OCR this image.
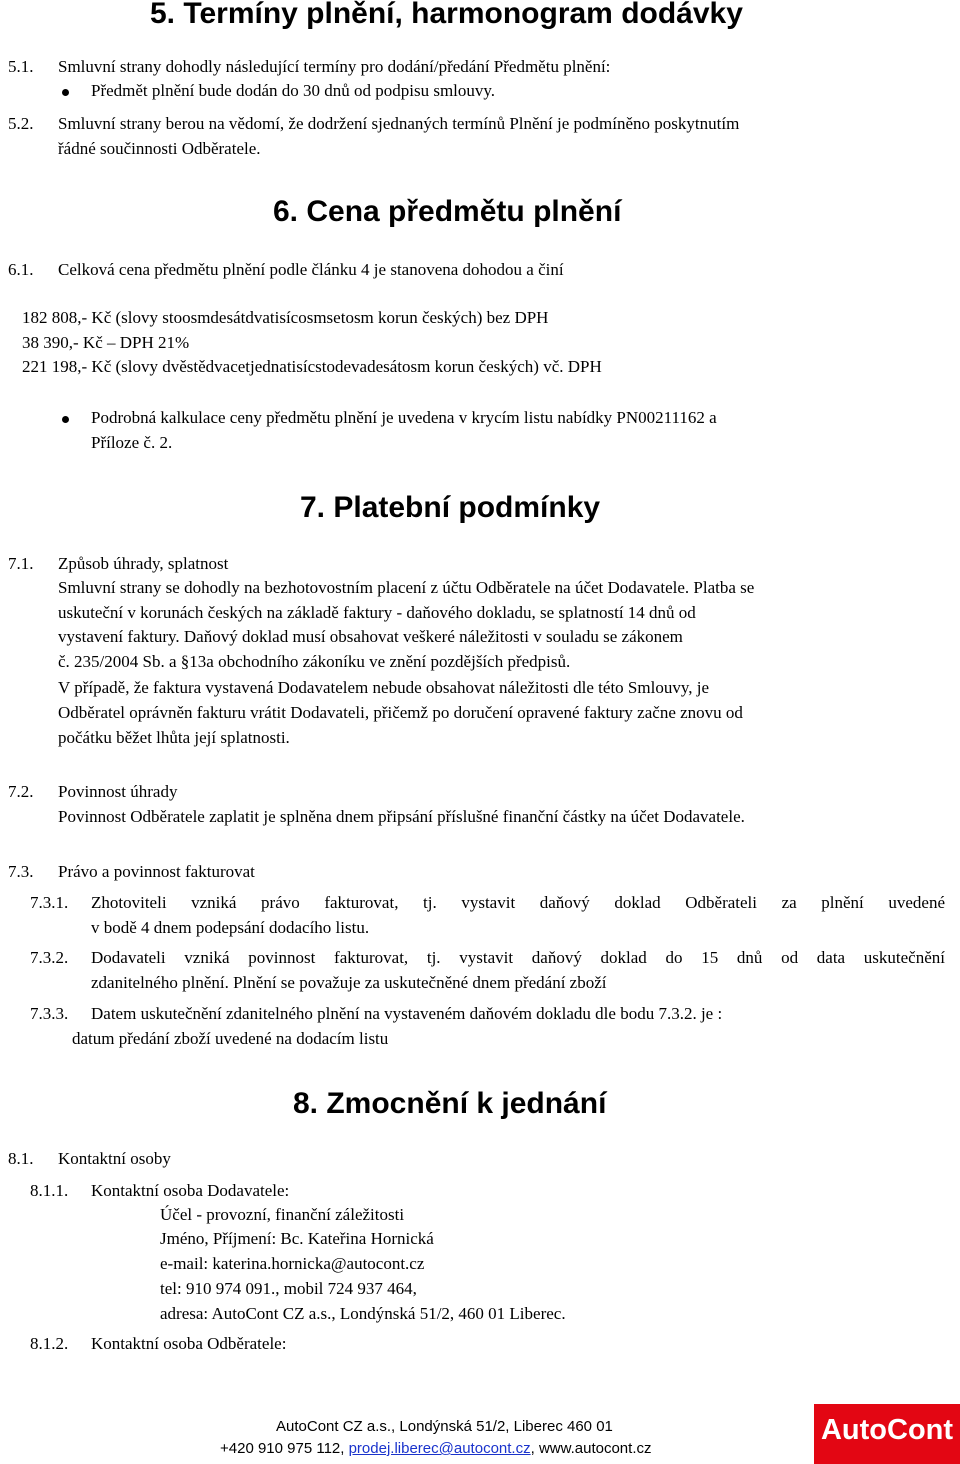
5. Termíny plnění, harmonogram dodávky
5.1. Smluvní strany dohodly následující termíny pro dodání/předání Předmětu plnění:
Předmět plnění bude dodán do 30 dnů od podpisu smlouvy.
5.2. Smluvní strany berou na vědomí, že dodržení sjednaných termínů Plnění je podmíněno poskytnutím
řádné součinnosti Odběratele.
6. Cena předmětu plnění
6.1. Celková cena předmětu plnění podle článku 4 je stanovena dohodou a činí
182 808,- Kč (slovy stoosmdesátdvatisícosmsetosm korun českých) bez DPH
38 390,- Kč – DPH 21%
221 198,- Kč (slovy dvěstědvacetjednatisícstodevadesátosm korun českých) vč. DPH
Podrobná kalkulace ceny předmětu plnění je uvedena v krycím listu nabídky PN00211162 a
Příloze č. 2.
7. Platební podmínky
7.1. Způsob úhrady, splatnost
Smluvní strany se dohodly na bezhotovostním placení z účtu Odběratele na účet Dodavatele. Platba se
uskuteční v korunách českých na základě faktury - daňového dokladu, se splatností 14 dnů od
vystavení faktury. Daňový doklad musí obsahovat veškeré náležitosti v souladu se zákonem
č. 235/2004 Sb. a §13a obchodního zákoníku ve znění pozdějších předpisů.
V případě, že faktura vystavená Dodavatelem nebude obsahovat náležitosti dle této Smlouvy, je
Odběratel oprávněn fakturu vrátit Dodavateli, přičemž po doručení opravené faktury začne znovu od
počátku běžet lhůta její splatnosti.
7.2. Povinnost úhrady
Povinnost Odběratele zaplatit je splněna dnem připsání příslušné finanční částky na účet Dodavatele.
7.3. Právo a povinnost fakturovat
7.3.1. Zhotoviteli vzniká právo fakturovat, tj. vystavit daňový doklad Odběrateli za plnění uvedené
v bodě 4 dnem podepsání dodacího listu.
7.3.2. Dodavateli vzniká povinnost fakturovat, tj. vystavit daňový doklad do 15 dnů od data uskutečnění
zdanitelného plnění. Plnění se považuje za uskutečněné dnem předání zboží
7.3.3. Datem uskutečnění zdanitelného plnění na vystaveném daňovém dokladu dle bodu 7.3.2. je :
datum předání zboží uvedené na dodacím listu
8. Zmocnění k jednání
8.1. Kontaktní osoby
8.1.1. Kontaktní osoba Dodavatele:
Účel - provozní, finanční záležitosti
Jméno, Příjmení: Bc. Kateřina Hornická
e-mail: katerina.hornicka@autocont.cz
tel: 910 974 091., mobil 724 937 464,
adresa: AutoCont CZ a.s., Londýnská 51/2, 460 01 Liberec.
8.1.2. Kontaktní osoba Odběratele:
AutoCont CZ a.s., Londýnská 51/2, Liberec 460 01
+420 910 975 112, prodej.liberec@autocont.cz, www.autocont.cz
AutoCont
